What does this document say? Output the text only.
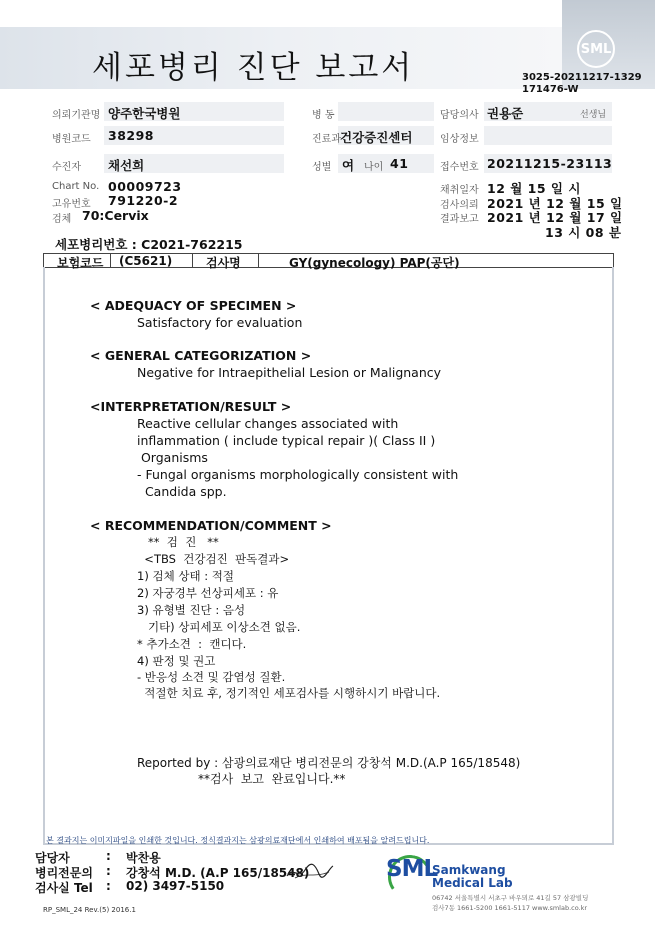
세포병리 진단 보고서
SML
3025-20211217-1329
171476-W
의뢰기관명 양주한국병원	병 동	담당의사 권용준	선생님
병원코드 38298	진료과 건강증진센터	임상정보
수진자 채선희	성별 여 나이 41	접수번호 20211215-23113
Chart No. 00009723
고유번호 791220-2
검체 70:Cervix
채취일자 12 월 15 일 시
검사의뢰 2021 년 12 월 15 일
결과보고 2021 년 12 월 17 일
13 시 08 분
세포병리번호 : C2021-762215
보험코드 (C5621)	검사명	GY(gynecology) PAP(공단)
< ADEQUACY OF SPECIMEN >
Satisfactory for evaluation
< GENERAL CATEGORIZATION >
Negative for Intraepithelial Lesion or Malignancy
<INTERPRETATION/RESULT >
Reactive cellular changes associated with
inflammation ( include typical repair )( Class II )
Organisms
- Fungal organisms morphologically consistent with
Candida spp.
< RECOMMENDATION/COMMENT >
**  검  진   **
<TBS  건강검진  판독결과>
1) 검체 상태 : 적절
2) 자궁경부 선상피세포 : 유
3) 유형별 진단 : 음성
기타) 상피세포 이상소견 없음.
* 추가소견  :  캔디다.
4) 판정 및 권고
- 반응성 소견 및 감염성 질환.
적절한 치료 후, 정기적인 세포검사를 시행하시기 바랍니다.
Reported by : 삼광의료재단 병리전문의 강창석 M.D.(A.P 165/18548)
**검사  보고  완료입니다.**
본 결과지는 이미지파일을 인쇄한 것입니다. 정식결과지는 삼광의료재단에서 인쇄하여 배포됨을 알려드립니다.
담당자	: 박찬용
병리전문의 : 강창석 M.D. (A.P 165/18548)
검사실 Tel : 02) 3497-5150
RP_SML_24 Rev.(5) 2016.1
SML
Samkwang
Medical Lab
06742 서울특별시 서초구 바우뫼로 41길 57 삼광빌딩
검사7동 1661-5200 1661-5117 www.smlab.co.kr
